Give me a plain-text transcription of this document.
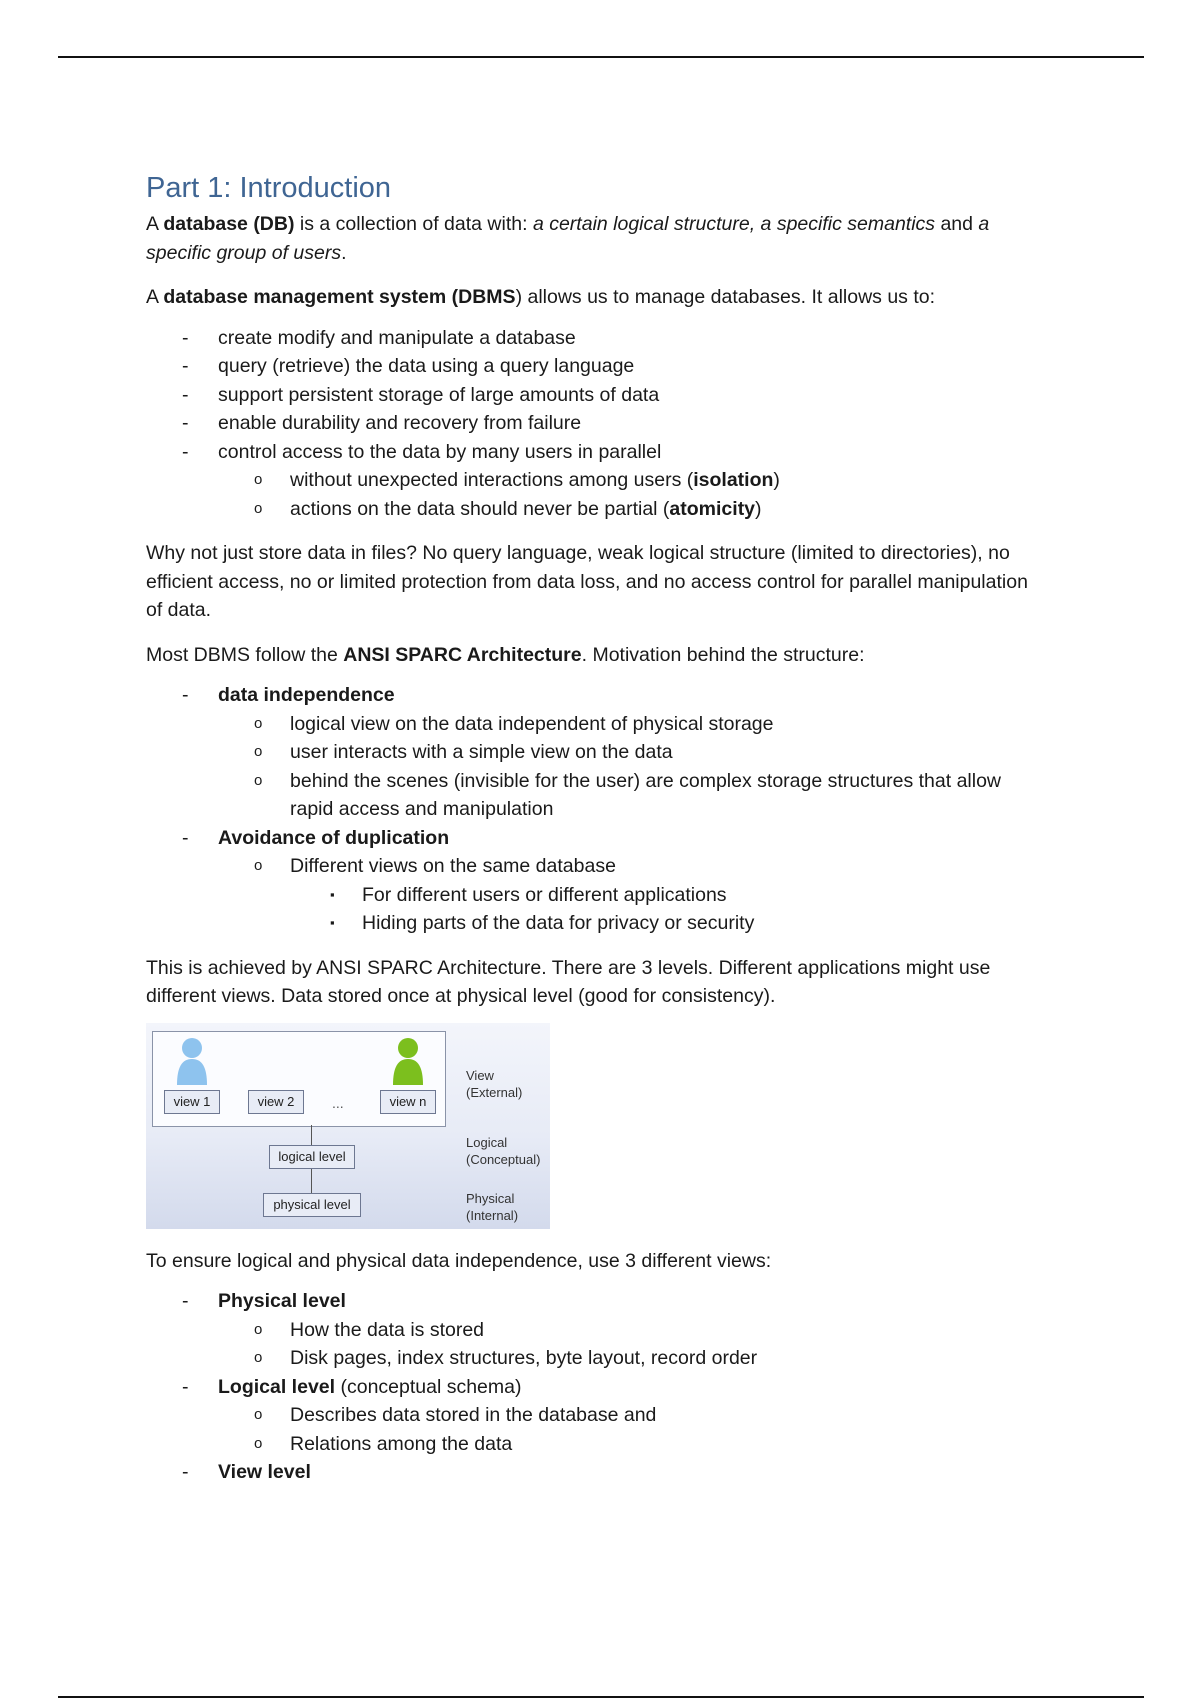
Part 1: Introduction

A database (DB) is a collection of data with: a certain logical structure, a specific semantics and a specific group of users.

A database management system (DBMS) allows us to manage databases. It allows us to:

- create modify and manipulate a database
- query (retrieve) the data using a query language
- support persistent storage of large amounts of data
- enable durability and recovery from failure
- control access to the data by many users in parallel
o without unexpected interactions among users (isolation)
o actions on the data should never be partial (atomicity)

Why not just store data in files? No query language, weak logical structure (limited to directories), no efficient access, no or limited protection from data loss, and no access control for parallel manipulation of data.

Most DBMS follow the ANSI SPARC Architecture. Motivation behind the structure:

- data independence
o logical view on the data independent of physical storage
o user interacts with a simple view on the data
o behind the scenes (invisible for the user) are complex storage structures that allow rapid access and manipulation
- Avoidance of duplication
o Different views on the same database
▪ For different users or different applications
▪ Hiding parts of the data for privacy or security

This is achieved by ANSI SPARC Architecture. There are 3 levels. Different applications might use different views. Data stored once at physical level (good for consistency).

view 1	view 2	...	view n
logical level
physical level
View
(External)
Logical
(Conceptual)
Physical
(Internal)

To ensure logical and physical data independence, use 3 different views:

- Physical level
o How the data is stored
o Disk pages, index structures, byte layout, record order
- Logical level (conceptual schema)
o Describes data stored in the database and
o Relations among the data
- View level
